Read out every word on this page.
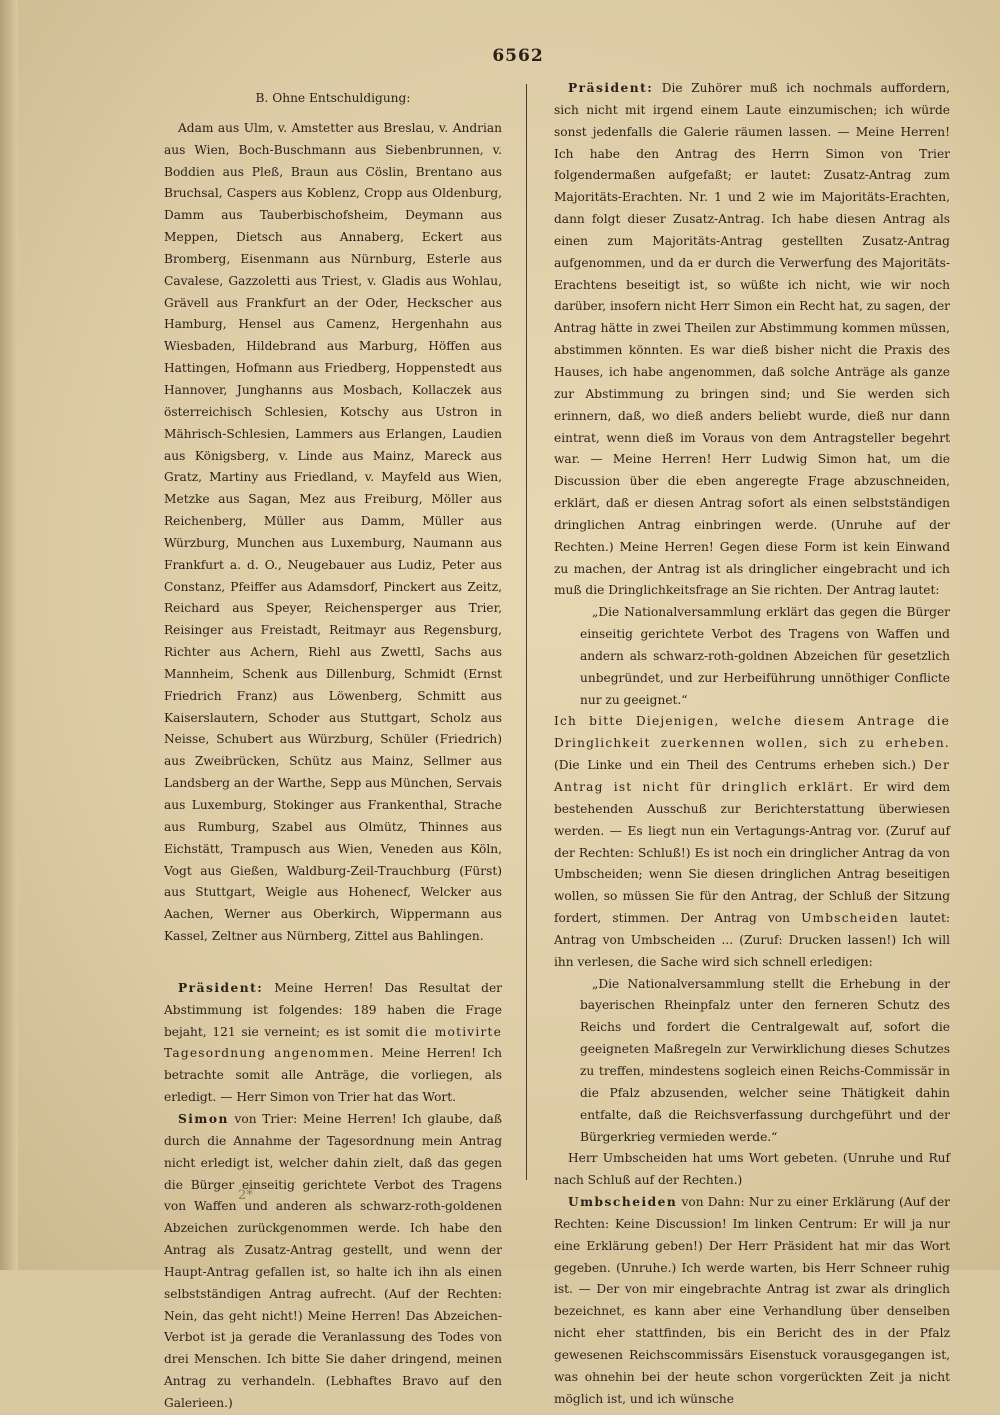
6562

B. Ohne Entschuldigung:

Adam aus Ulm, v. Amstetter aus Breslau, v. Andrian aus Wien, Boch-Buschmann aus Siebenbrunnen, v. Boddien aus Pleß, Braun aus Cöslin, Brentano aus Bruchsal, Caspers aus Koblenz, Cropp aus Oldenburg, Damm aus Tauberbischofsheim, Deymann aus Meppen, Dietsch aus Annaberg, Eckert aus Bromberg, Eisenmann aus Nürnburg, Esterle aus Cavalese, Gazzoletti aus Triest, v. Gladis aus Wohlau, Grävell aus Frankfurt an der Oder, Heckscher aus Hamburg, Hensel aus Camenz, Hergenhahn aus Wiesbaden, Hildebrand aus Marburg, Höffen aus Hattingen, Hofmann aus Friedberg, Hoppenstedt aus Hannover, Junghanns aus Mosbach, Kollaczek aus österreichisch Schlesien, Kotschy aus Ustron in Mährisch-Schlesien, Lammers aus Erlangen, Laudien aus Königsberg, v. Linde aus Mainz, Mareck aus Gratz, Martiny aus Friedland, v. Mayfeld aus Wien, Metzke aus Sagan, Mez aus Freiburg, Möller aus Reichenberg, Müller aus Damm, Müller aus Würzburg, Munchen aus Luxemburg, Naumann aus Frankfurt a. d. O., Neugebauer aus Ludiz, Peter aus Constanz, Pfeiffer aus Adamsdorf, Pinckert aus Zeitz, Reichard aus Speyer, Reichensperger aus Trier, Reisinger aus Freistadt, Reitmayr aus Regensburg, Richter aus Achern, Riehl aus Zwettl, Sachs aus Mannheim, Schenk aus Dillenburg, Schmidt (Ernst Friedrich Franz) aus Löwenberg, Schmitt aus Kaiserslautern, Schoder aus Stuttgart, Scholz aus Neisse, Schubert aus Würzburg, Schüler (Friedrich) aus Zweibrücken, Schütz aus Mainz, Sellmer aus Landsberg an der Warthe, Sepp aus München, Servais aus Luxemburg, Stokinger aus Frankenthal, Strache aus Rumburg, Szabel aus Olmütz, Thinnes aus Eichstätt, Trampusch aus Wien, Veneden aus Köln, Vogt aus Gießen, Waldburg-Zeil-Trauchburg (Fürst) aus Stuttgart, Weigle aus Hohenecf, Welcker aus Aachen, Werner aus Oberkirch, Wippermann aus Kassel, Zeltner aus Nürnberg, Zittel aus Bahlingen.

Präsident: Meine Herren! Das Resultat der Abstimmung ist folgendes: 189 haben die Frage bejaht, 121 sie verneint; es ist somit die motivirte Tagesordnung angenommen. Meine Herren! Ich betrachte somit alle Anträge, die vorliegen, als erledigt. — Herr Simon von Trier hat das Wort.

Simon von Trier: Meine Herren! Ich glaube, daß durch die Annahme der Tagesordnung mein Antrag nicht erledigt ist, welcher dahin zielt, daß das gegen die Bürger einseitig gerichtete Verbot des Tragens von Waffen und anderen als schwarz-roth-goldenen Abzeichen zurückgenommen werde. Ich habe den Antrag als Zusatz-Antrag gestellt, und wenn der Haupt-Antrag gefallen ist, so halte ich ihn als einen selbstständigen Antrag aufrecht. (Auf der Rechten: Nein, das geht nicht!) Meine Herren! Das Abzeichen-Verbot ist ja gerade die Veranlassung des Todes von drei Menschen. Ich bitte Sie daher dringend, meinen Antrag zu verhandeln. (Lebhaftes Bravo auf den Galerieen.)

Präsident: Die Zuhörer muß ich nochmals auffordern, sich nicht mit irgend einem Laute einzumischen; ich würde sonst jedenfalls die Galerie räumen lassen. — Meine Herren! Ich habe den Antrag des Herrn Simon von Trier folgendermaßen aufgefaßt; er lautet: Zusatz-Antrag zum Majoritäts-Erachten. Nr. 1 und 2 wie im Majoritäts-Erachten, dann folgt dieser Zusatz-Antrag. Ich habe diesen Antrag als einen zum Majoritäts-Antrag gestellten Zusatz-Antrag aufgenommen, und da er durch die Verwerfung des Majoritäts-Erachtens beseitigt ist, so wüßte ich nicht, wie wir noch darüber, insofern nicht Herr Simon ein Recht hat, zu sagen, der Antrag hätte in zwei Theilen zur Abstimmung kommen müssen, abstimmen könnten. Es war dieß bisher nicht die Praxis des Hauses, ich habe angenommen, daß solche Anträge als ganze zur Abstimmung zu bringen sind; und Sie werden sich erinnern, daß, wo dieß anders beliebt wurde, dieß nur dann eintrat, wenn dieß im Voraus von dem Antragsteller begehrt war. — Meine Herren! Herr Ludwig Simon hat, um die Discussion über die eben angeregte Frage abzuschneiden, erklärt, daß er diesen Antrag sofort als einen selbstständigen dringlichen Antrag einbringen werde. (Unruhe auf der Rechten.) Meine Herren! Gegen diese Form ist kein Einwand zu machen, der Antrag ist als dringlicher eingebracht und ich muß die Dringlichkeitsfrage an Sie richten. Der Antrag lautet:

„Die Nationalversammlung erklärt das gegen die Bürger einseitig gerichtete Verbot des Tragens von Waffen und andern als schwarz-roth-goldnen Abzeichen für gesetzlich unbegründet, und zur Herbeiführung unnöthiger Conflicte nur zu geeignet.“

Ich bitte Diejenigen, welche diesem Antrage die Dringlichkeit zuerkennen wollen, sich zu erheben. (Die Linke und ein Theil des Centrums erheben sich.) Der Antrag ist nicht für dringlich erklärt. Er wird dem bestehenden Ausschuß zur Berichterstattung überwiesen werden. — Es liegt nun ein Vertagungs-Antrag vor. (Zuruf auf der Rechten: Schluß!) Es ist noch ein dringlicher Antrag da von Umbscheiden; wenn Sie diesen dringlichen Antrag beseitigen wollen, so müssen Sie für den Antrag, der Schluß der Sitzung fordert, stimmen. Der Antrag von Umbscheiden lautet: Antrag von Umbscheiden ... (Zuruf: Drucken lassen!) Ich will ihn verlesen, die Sache wird sich schnell erledigen:

„Die Nationalversammlung stellt die Erhebung in der bayerischen Rheinpfalz unter den ferneren Schutz des Reichs und fordert die Centralgewalt auf, sofort die geeigneten Maßregeln zur Verwirklichung dieses Schutzes zu treffen, mindestens sogleich einen Reichs-Commissär in die Pfalz abzusenden, welcher seine Thätigkeit dahin entfalte, daß die Reichsverfassung durchgeführt und der Bürgerkrieg vermieden werde.“

Herr Umbscheiden hat ums Wort gebeten. (Unruhe und Ruf nach Schluß auf der Rechten.)

Umbscheiden von Dahn: Nur zu einer Erklärung (Auf der Rechten: Keine Discussion! Im linken Centrum: Er will ja nur eine Erklärung geben!) Der Herr Präsident hat mir das Wort gegeben. (Unruhe.) Ich werde warten, bis Herr Schneer ruhig ist. — Der von mir eingebrachte Antrag ist zwar als dringlich bezeichnet, es kann aber eine Verhandlung über denselben nicht eher stattfinden, bis ein Bericht des in der Pfalz gewesenen Reichscommissärs Eisenstuck vorausgegangen ist, was ohnehin bei der heute schon vorgerückten Zeit ja nicht möglich ist, und ich wünsche

2*
